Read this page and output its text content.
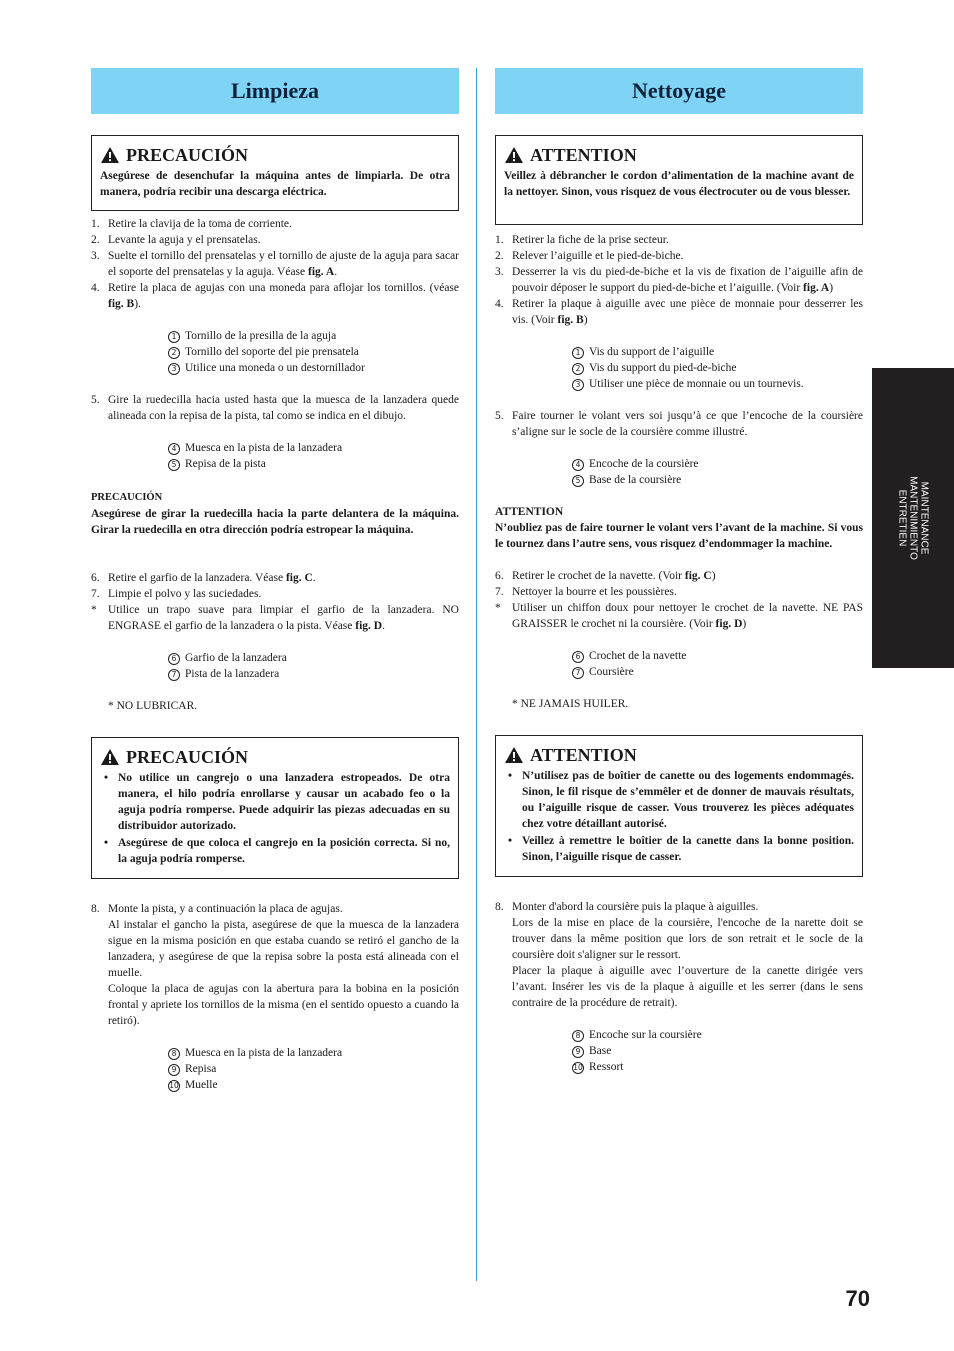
Limpieza
PRECAUCIÓN

Asegúrese de desenchufar la máquina antes de limpiarla. De otra manera, podría recibir una descarga eléctrica.

1. Retire la clavija de la toma de corriente.
2. Levante la aguja y el prensatelas.
3. Suelte el tornillo del prensatelas y el tornillo de ajuste de la aguja para sacar el soporte del prensatelas y la aguja. Véase fig. A.
4. Retire la placa de agujas con una moneda para aflojar los tornillos. (véase fig. B).
1 Tornillo de la presilla de la aguja
2 Tornillo del soporte del pie prensatela
3 Utilice una moneda o un destornillador
5. Gire la ruedecilla hacia usted hasta que la muesca de la lanzadera quede alineada con la repisa de la pista, tal como se indica en el dibujo.
4 Muesca en la pista de la lanzadera
5 Repisa de la pista

PRECAUCIÓN

Asegúrese de girar la ruedecilla hacia la parte delantera de la máquina. Girar la ruedecilla en otra dirección podría estropear la máquina.

6. Retire el garfio de la lanzadera. Véase fig. C.
7. Limpie el polvo y las suciedades.
* Utilice un trapo suave para limpiar el garfio de la lanzadera. NO ENGRASE el garfio de la lanzadera o la pista. Véase fig. D.
6 Garfio de la lanzadera
7 Pista de la lanzadera

* NO LUBRICAR.

PRECAUCIÓN
• No utilice un cangrejo o una lanzadera estropeados. De otra manera, el hilo podría enrollarse y causar un acabado feo o la aguja podría romperse. Puede adquirir las piezas adecuadas en su distribuidor autorizado.
• Asegúrese de que coloca el cangrejo en la posición correcta. Si no, la aguja podría romperse.
8. Monte la pista, y a continuación la placa de agujas.
Al instalar el gancho la pista, asegúrese de que la muesca de la lanzadera sigue en la misma posición en que estaba cuando se retiró el gancho de la lanzadera, y asegúrese de que la repisa sobre la posta está alineada con el muelle.
Coloque la placa de agujas con la abertura para la bobina en la posición frontal y apriete los tornillos de la misma (en el sentido opuesto a cuando la retiró).
8 Muesca en la pista de la lanzadera
9 Repisa
10 Muelle
Nettoyage
ATTENTION

Veillez à débrancher le cordon d’alimentation de la machine avant de la nettoyer. Sinon, vous risquez de vous électrocuter ou de vous blesser.

1. Retirer la fiche de la prise secteur.
2. Relever l’aiguille et le pied-de-biche.
3. Desserrer la vis du pied-de-biche et la vis de fixation de l’aiguille afin de pouvoir déposer le support du pied-de-biche et l’aiguille. (Voir fig. A)
4. Retirer la plaque à aiguille avec une pièce de monnaie pour desserrer les vis. (Voir fig. B)
1 Vis du support de l’aiguille
2 Vis du support du pied-de-biche
3 Utiliser une pièce de monnaie ou un tournevis.
5. Faire tourner le volant vers soi jusqu’à ce que l’encoche de la coursière s’aligne sur le socle de la coursière comme illustré.
4 Encoche de la coursière
5 Base de la coursière

ATTENTION

N’oubliez pas de faire tourner le volant vers l’avant de la machine. Si vous le tournez dans l’autre sens, vous risquez d’endommager la machine.

6. Retirer le crochet de la navette. (Voir fig. C)
7. Nettoyer la bourre et les poussières.
* Utiliser un chiffon doux pour nettoyer le crochet de la navette. NE PAS GRAISSER le crochet ni la coursière. (Voir fig. D)
6 Crochet de la navette
7 Coursière

* NE JAMAIS HUILER.

ATTENTION
• N’utilisez pas de boîtier de canette ou des logements endommagés. Sinon, le fil risque de s’emmêler et de donner de mauvais résultats, ou l’aiguille risque de casser. Vous trouverez les pièces adéquates chez votre détaillant autorisé.
• Veillez à remettre le boîtier de la canette dans la bonne position. Sinon, l’aiguille risque de casser.
8. Monter d'abord la coursière puis la plaque à aiguilles.
Lors de la mise en place de la coursière, l'encoche de la narette doit se trouver dans la même position que lors de son retrait et le socle de la coursière doit s'aligner sur le ressort.
Placer la plaque à aiguille avec l’ouverture de la canette dirigée vers l’avant. Insérer les vis de la plaque à aiguille et les serrer (dans le sens contraire de la procédure de retrait).
8 Encoche sur la coursière
9 Base
10 Ressort
MAINTENANCE
MANTENIMIENTO
ENTRETIEN
70
